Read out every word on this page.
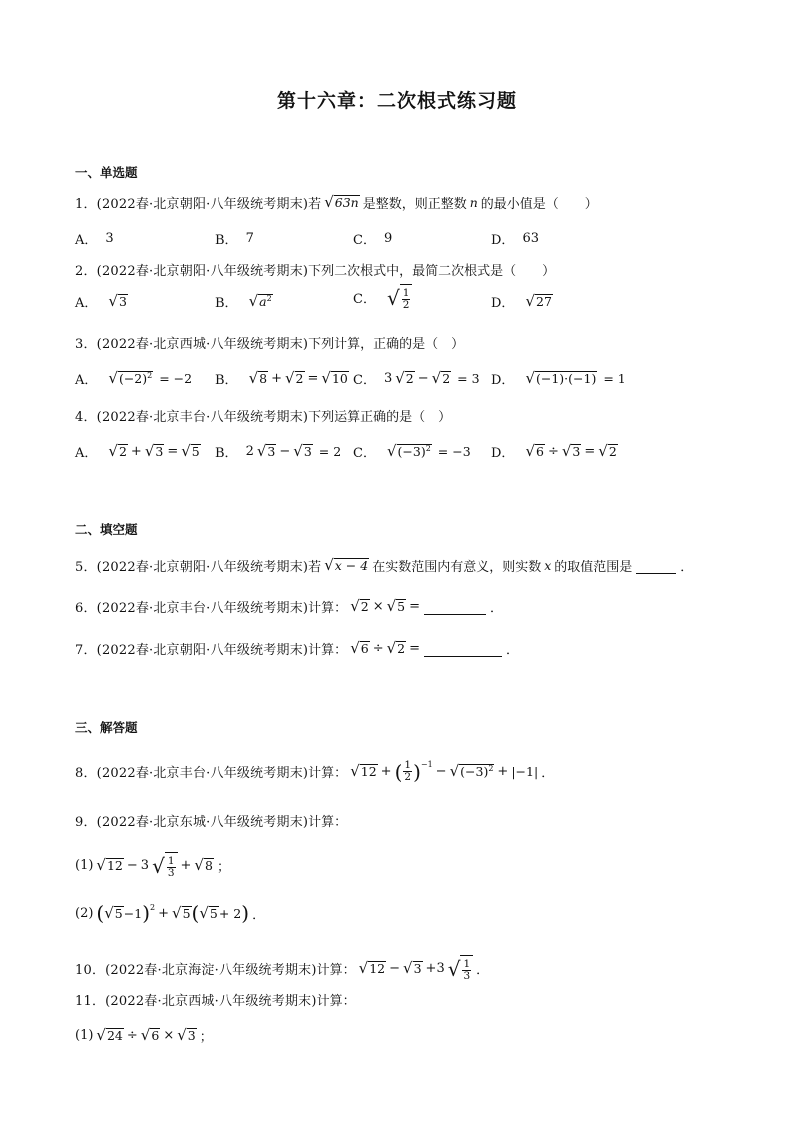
第十六章：二次根式练习题
一、单选题
1．(2022春·北京朝阳·八年级统考期末) 若 √ 63n 是整数，则正整数 n 的最小值是（　　）
A． 3	B． 7	C． 9	D． 63
2．(2022春·北京朝阳·八年级统考期末) 下列二次根式中，最简二次根式是（　　）
A． √ 3	B． √ $a^2$	C． √ $\frac{1}{2}$	D． √ 27
3．(2022春·北京西城·八年级统考期末) 下列计算，正确的是（　）
A． √ $(-2)^2 = -2$ B． √ 8 + √ 2 = √ 10 C． 3 √ 2 − √ 2 = 3 D． √ (−1)·(−1) = 1
4．(2022春·北京丰台·八年级统考期末) 下列运算正确的是（　）
A． √ 2 + √ 3 = √ 5 B． 2 √ 3 − √ 3 = 2 C． √ $(-3)^2 = -3$ D． √ 6 ÷ √ 3 = √ 2
二、填空题
5．(2022春·北京朝阳·八年级统考期末) 若 √ x − 4 在实数范围内有意义，则实数 x 的取值范围是
	．
6．(2022春·北京丰台·八年级统考期末) 计算： √ 2 × √ 5 =
	．
7．(2022春·北京朝阳·八年级统考期末) 计算： √ 6 ÷ √ 2 =
	．
三、解答题
8．(2022春·北京丰台·八年级统考期末) 计算： √ 12 + ( $\frac{1}{2} )^{-1}$ − √ $(-3)^2 + |-1|$ ．
9．(2022春·北京东城·八年级统考期末) 计算：
(1) √ 12 − 3 √ $\frac{1}{3}$ + √ 8 ；
(2) ( √ 5 −1 )$^2$ + √ 5 ( √ 5 + 2 ) ．
10．(2022春·北京海淀·八年级统考期末) 计算： √ 12 − √ 3 + 3 √ $\frac{1}{3}$ ．
11．(2022春·北京西城·八年级统考期末) 计算：
(1) √ 24 ÷ √ 6 × √ 3 ；
